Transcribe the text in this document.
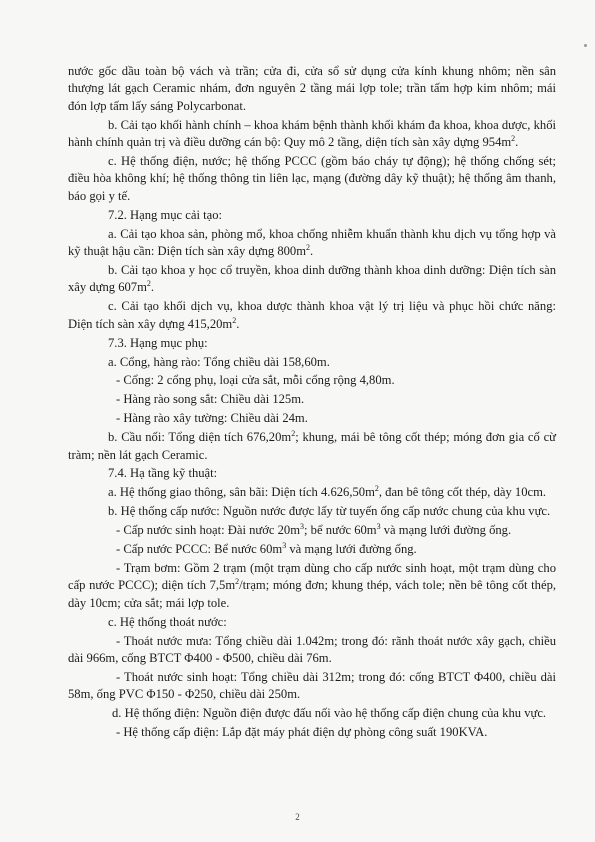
nước gốc dầu toàn bộ vách và trần; cửa đi, cửa sổ sử dụng cửa kính khung nhôm; nền sân thượng lát gạch Ceramic nhám, đơn nguyên 2 tầng mái lợp tole; trần tấm hợp kim nhôm; mái đón lợp tấm lấy sáng Polycarbonat.

b. Cải tạo khối hành chính – khoa khám bệnh thành khối khám đa khoa, khoa dược, khối hành chính quản trị và điều dưỡng cán bộ: Quy mô 2 tầng, diện tích sàn xây dựng $954m^2$.

c. Hệ thống điện, nước; hệ thống PCCC (gồm báo cháy tự động); hệ thống chống sét; điều hòa không khí; hệ thống thông tin liên lạc, mạng (đường dây kỹ thuật); hệ thống âm thanh, báo gọi y tế.

7.2. Hạng mục cải tạo:

a. Cải tạo khoa sản, phòng mổ, khoa chống nhiễm khuẩn thành khu dịch vụ tổng hợp và kỹ thuật hậu cần: Diện tích sàn xây dựng $800m^2$.

b. Cải tạo khoa y học cổ truyền, khoa dinh dưỡng thành khoa dinh dưỡng: Diện tích sàn xây dựng $607m^2$.

c. Cải tạo khối dịch vụ, khoa dược thành khoa vật lý trị liệu và phục hồi chức năng: Diện tích sàn xây dựng $415,20m^2$.

7.3. Hạng mục phụ:

a. Cổng, hàng rào: Tổng chiều dài 158,60m.

- Cổng: 2 cổng phụ, loại cửa sắt, mỗi cổng rộng 4,80m.

- Hàng rào song sắt: Chiều dài 125m.

- Hàng rào xây tường: Chiều dài 24m.

b. Cầu nối: Tổng diện tích $676,20m^2$; khung, mái bê tông cốt thép; móng đơn gia cố cừ tràm; nền lát gạch Ceramic.

7.4. Hạ tầng kỹ thuật:

a. Hệ thống giao thông, sân bãi: Diện tích $4.626,50m^2$, đan bê tông cốt thép, dày 10cm.

b. Hệ thống cấp nước: Nguồn nước được lấy từ tuyến ống cấp nước chung của khu vực.

- Cấp nước sinh hoạt: Đài nước $20m^3$; bể nước $60m^3$ và mạng lưới đường ống.

- Cấp nước PCCC: Bể nước $60m^3$ và mạng lưới đường ống.

- Trạm bơm: Gồm 2 trạm (một trạm dùng cho cấp nước sinh hoạt, một trạm dùng cho cấp nước PCCC); diện tích $7,5m^2$/trạm; móng đơn; khung thép, vách tole; nền bê tông cốt thép, dày 10cm; cửa sắt; mái lợp tole.

c. Hệ thống thoát nước:

- Thoát nước mưa: Tổng chiều dài 1.042m; trong đó: rãnh thoát nước xây gạch, chiều dài 966m, cống BTCT Φ400 - Φ500, chiều dài 76m.

- Thoát nước sinh hoạt: Tổng chiều dài 312m; trong đó: cống BTCT Φ400, chiều dài 58m, ống PVC Φ150 - Φ250, chiều dài 250m.

d. Hệ thống điện: Nguồn điện được đấu nối vào hệ thống cấp điện chung của khu vực.

- Hệ thống cấp điện: Lắp đặt máy phát điện dự phòng công suất 190KVA.

2
